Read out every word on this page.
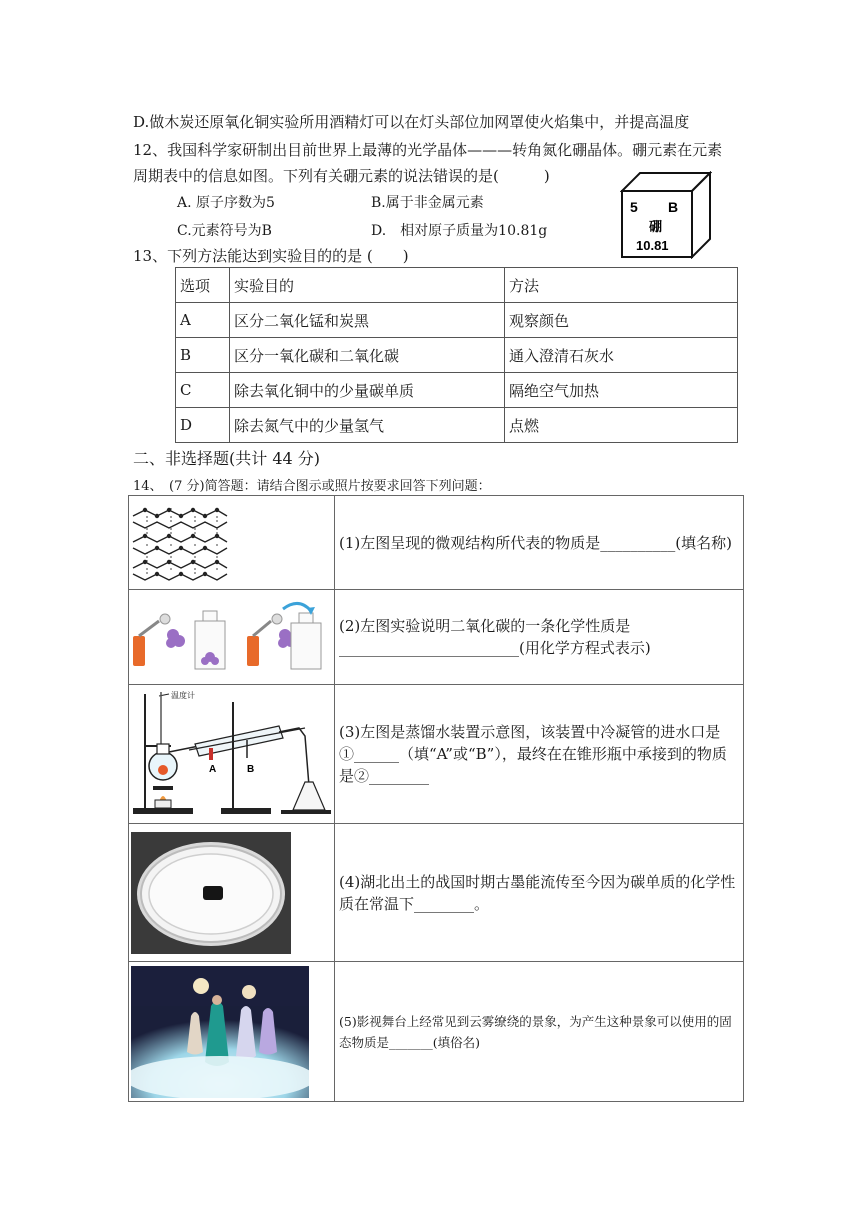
D.做木炭还原氧化铜实验所用酒精灯可以在灯头部位加网罩使火焰集中，并提高温度
12、我国科学家研制出目前世界上最薄的光学晶体———转角氮化硼晶体。硼元素在元素
周期表中的信息如图。下列有关硼元素的说法错误的是(　　　)
A. 原子序数为5	B.属于非金属元素
C.元素符号为B	D.　相对原子质量为10.81g
5 B
硼
10.81
13、下列方法能达到实验目的的是 (　　)
选项	实验目的	方法
A	区分二氧化锰和炭黑	观察颜色
B	区分一氧化碳和二氧化碳	通入澄清石灰水
C	除去氧化铜中的少量碳单质	隔绝空气加热
D	除去氮气中的少量氢气	点燃
二、非选择题(共计 44 分)
14、　(7 分)简答题：请结合图示或照片按要求回答下列问题：
	(1)左图呈现的微观结构所代表的物质是__________(填名称)

	(2)左图实验说明二氧化碳的一条化学性质是________________________(用化学方程式表示)

温度计
A B	(3)左图是蒸馏水装置示意图，该装置中冷凝管的进水口是①______（填“A”或“B”），最终在在锥形瓶中承接到的物质是②________

	(4)湖北出土的战国时期古墨能流传至今因为碳单质的化学性质在常温下________。

	(5)影视舞台上经常见到云雾缭绕的景象，为产生这种景象可以使用的固态物质是_______(填俗名)
